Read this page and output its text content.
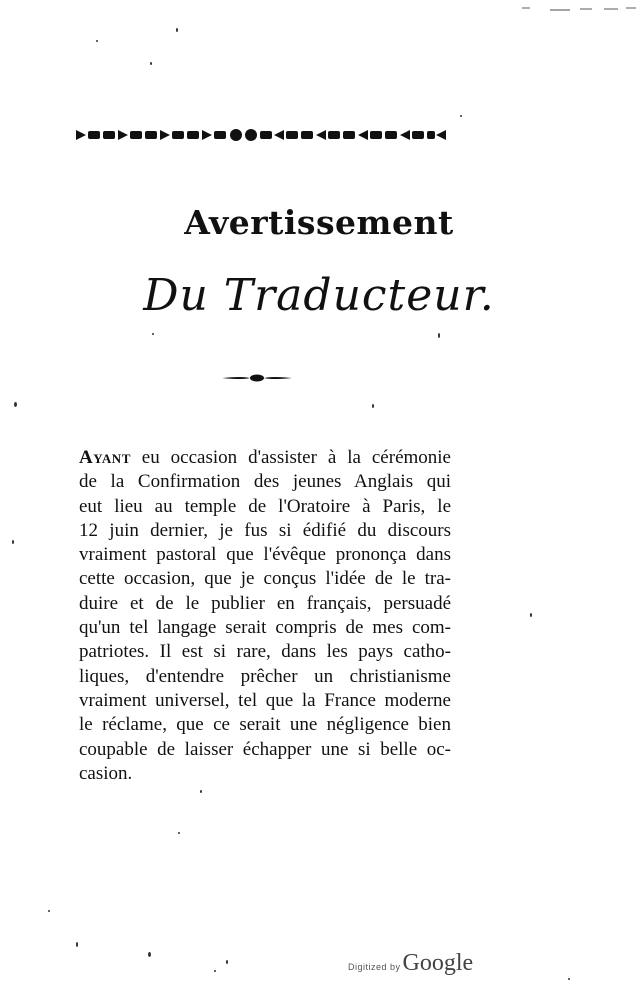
Avertissement
Du Traducteur.
Ayant eu occasion d'assister à la cérémonie
de la Confirmation des jeunes Anglais qui
eut lieu au temple de l'Oratoire à Paris, le
12 juin dernier, je fus si édifié du discours
vraiment pastoral que l'évêque prononça dans
cette occasion, que je conçus l'idée de le tra-
duire et de le publier en français, persuadé
qu'un tel langage serait compris de mes com-
patriotes. Il est si rare, dans les pays catho-
liques, d'entendre prêcher un christianisme
vraiment universel, tel que la France moderne
le réclame, que ce serait une négligence bien
coupable de laisser échapper une si belle oc-
casion.
Digitized by Google
